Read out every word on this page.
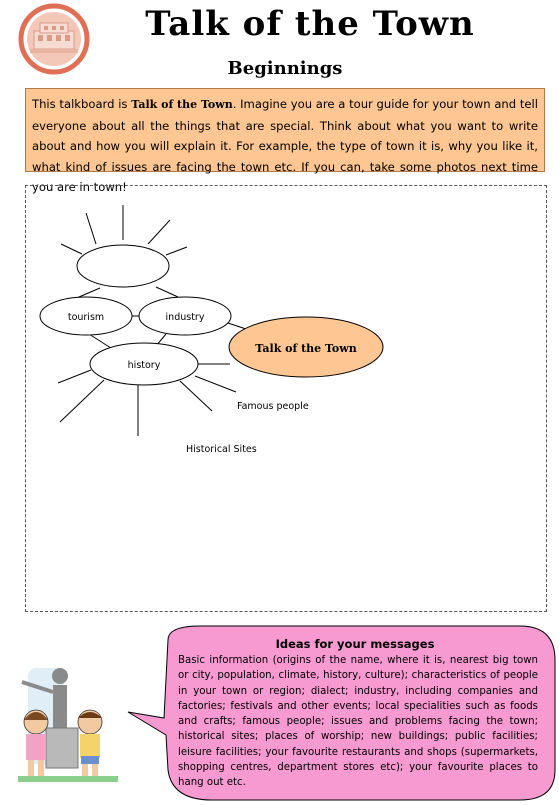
Talk of the Town
Beginnings
This talkboard is Talk of the Town. Imagine you are a tour guide for your town and tell everyone about all the things that are special. Think about what you want to write about and how you will explain it. For example, the type of town it is, why you like it, what kind of issues are facing the town etc. If you can, take some photos next time you are in town!
tourism	industry
history
Talk of the Town
Famous people
Historical Sites
Ideas for your messages
Basic information (origins of the name, where it is, nearest big town or city, population, climate, history, culture); characteristics of people in your town or region; dialect; industry, including companies and factories; festivals and other events; local specialities such as foods and crafts; famous people; issues and problems facing the town; historical sites; places of worship; new buildings; public facilities; leisure facilities; your favourite restaurants and shops (supermarkets, shopping centres, department stores etc); your favourite places to hang out etc.
